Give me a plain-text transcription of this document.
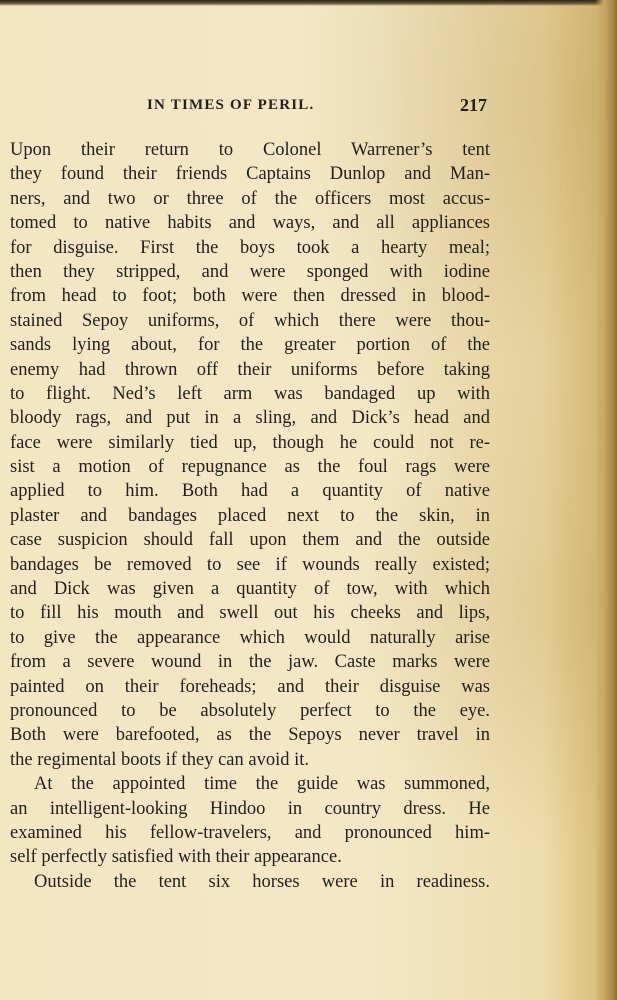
IN TIMES OF PERIL.	217
Upon their return to Colonel Warrener’s tent
they found their friends Captains Dunlop and Man-
ners, and two or three of the officers most accus-
tomed to native habits and ways, and all appliances
for disguise. First the boys took a hearty meal;
then they stripped, and were sponged with iodine
from head to foot; both were then dressed in blood-
stained Sepoy uniforms, of which there were thou-
sands lying about, for the greater portion of the
enemy had thrown off their uniforms before taking
to flight. Ned’s left arm was bandaged up with
bloody rags, and put in a sling, and Dick’s head and
face were similarly tied up, though he could not re-
sist a motion of repugnance as the foul rags were
applied to him. Both had a quantity of native
plaster and bandages placed next to the skin, in
case suspicion should fall upon them and the outside
bandages be removed to see if wounds really existed;
and Dick was given a quantity of tow, with which
to fill his mouth and swell out his cheeks and lips,
to give the appearance which would naturally arise
from a severe wound in the jaw. Caste marks were
painted on their foreheads; and their disguise was
pronounced to be absolutely perfect to the eye.
Both were barefooted, as the Sepoys never travel in
the regimental boots if they can avoid it.
At the appointed time the guide was summoned,
an intelligent-looking Hindoo in country dress. He
examined his fellow-travelers, and pronounced him-
self perfectly satisfied with their appearance.
Outside the tent six horses were in readiness.
